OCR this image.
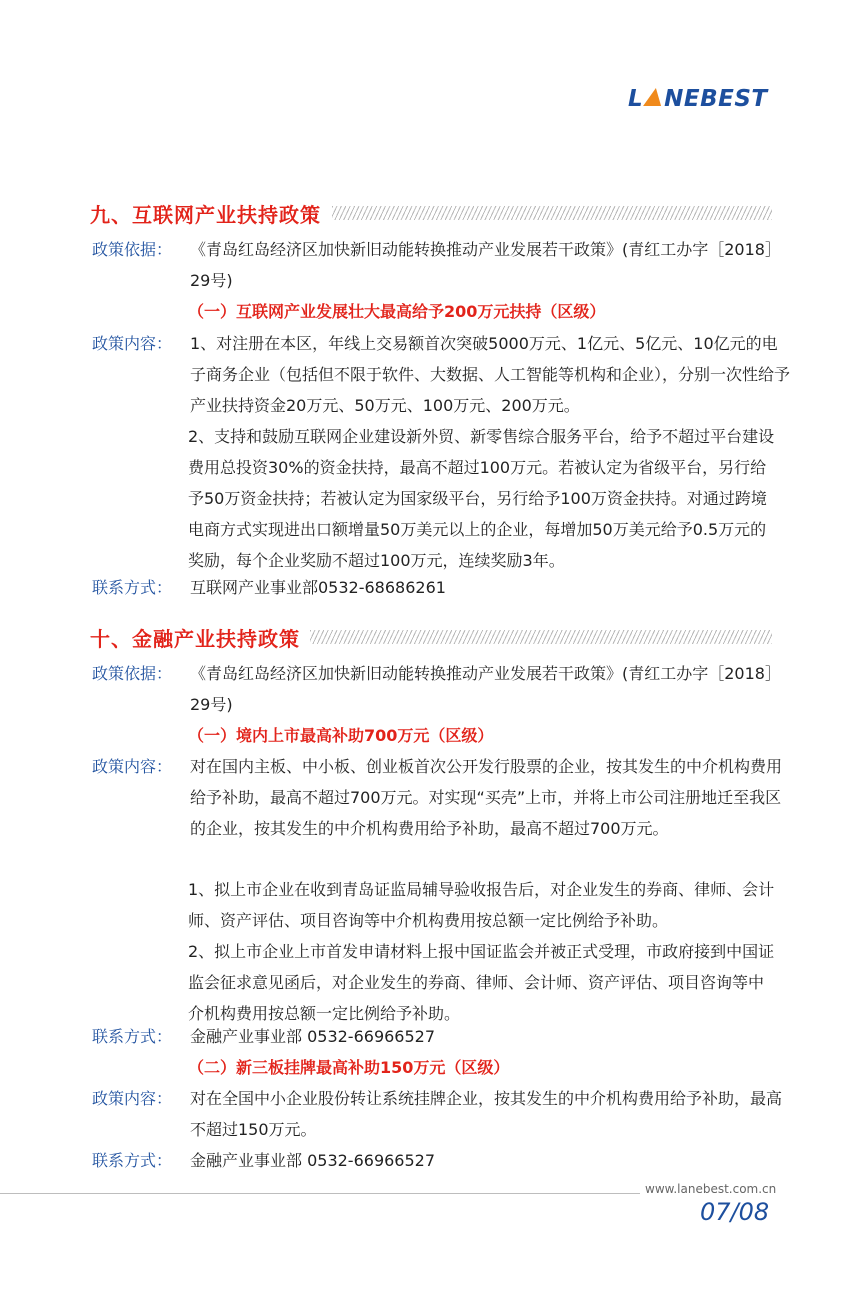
L NEBEST
九、互联网产业扶持政策
政策依据：	《青岛红岛经济区加快新旧动能转换推动产业发展若干政策》(青红工办字［2018］29号)
（一）互联网产业发展壮大最高给予200万元扶持（区级）
政策内容：	1、对注册在本区，年线上交易额首次突破5000万元、1亿元、5亿元、10亿元的电子商务企业（包括但不限于软件、大数据、人工智能等机构和企业），分别一次性给予产业扶持资金20万元、50万元、100万元、200万元。
2、支持和鼓励互联网企业建设新外贸、新零售综合服务平台，给予不超过平台建设费用总投资30%的资金扶持，最高不超过100万元。若被认定为省级平台，另行给予50万资金扶持；若被认定为国家级平台，另行给予100万资金扶持。对通过跨境电商方式实现进出口额增量50万美元以上的企业，每增加50万美元给予0.5万元的奖励，每个企业奖励不超过100万元，连续奖励3年。
联系方式：	互联网产业事业部0532-68686261
十、金融产业扶持政策
政策依据：	《青岛红岛经济区加快新旧动能转换推动产业发展若干政策》(青红工办字［2018］29号)
（一）境内上市最高补助700万元（区级）
政策内容：	对在国内主板、中小板、创业板首次公开发行股票的企业，按其发生的中介机构费用给予补助，最高不超过700万元。对实现“买壳”上市，并将上市公司注册地迁至我区的企业，按其发生的中介机构费用给予补助，最高不超过700万元。
1、拟上市企业在收到青岛证监局辅导验收报告后，对企业发生的券商、律师、会计师、资产评估、项目咨询等中介机构费用按总额一定比例给予补助。
2、拟上市企业上市首发申请材料上报中国证监会并被正式受理，市政府接到中国证监会征求意见函后，对企业发生的券商、律师、会计师、资产评估、项目咨询等中介机构费用按总额一定比例给予补助。
联系方式：	金融产业事业部 0532-66966527
（二）新三板挂牌最高补助150万元（区级）
政策内容：	对在全国中小企业股份转让系统挂牌企业，按其发生的中介机构费用给予补助，最高不超过150万元。
联系方式：	金融产业事业部 0532-66966527
www.lanebest.com.cn
07/08
